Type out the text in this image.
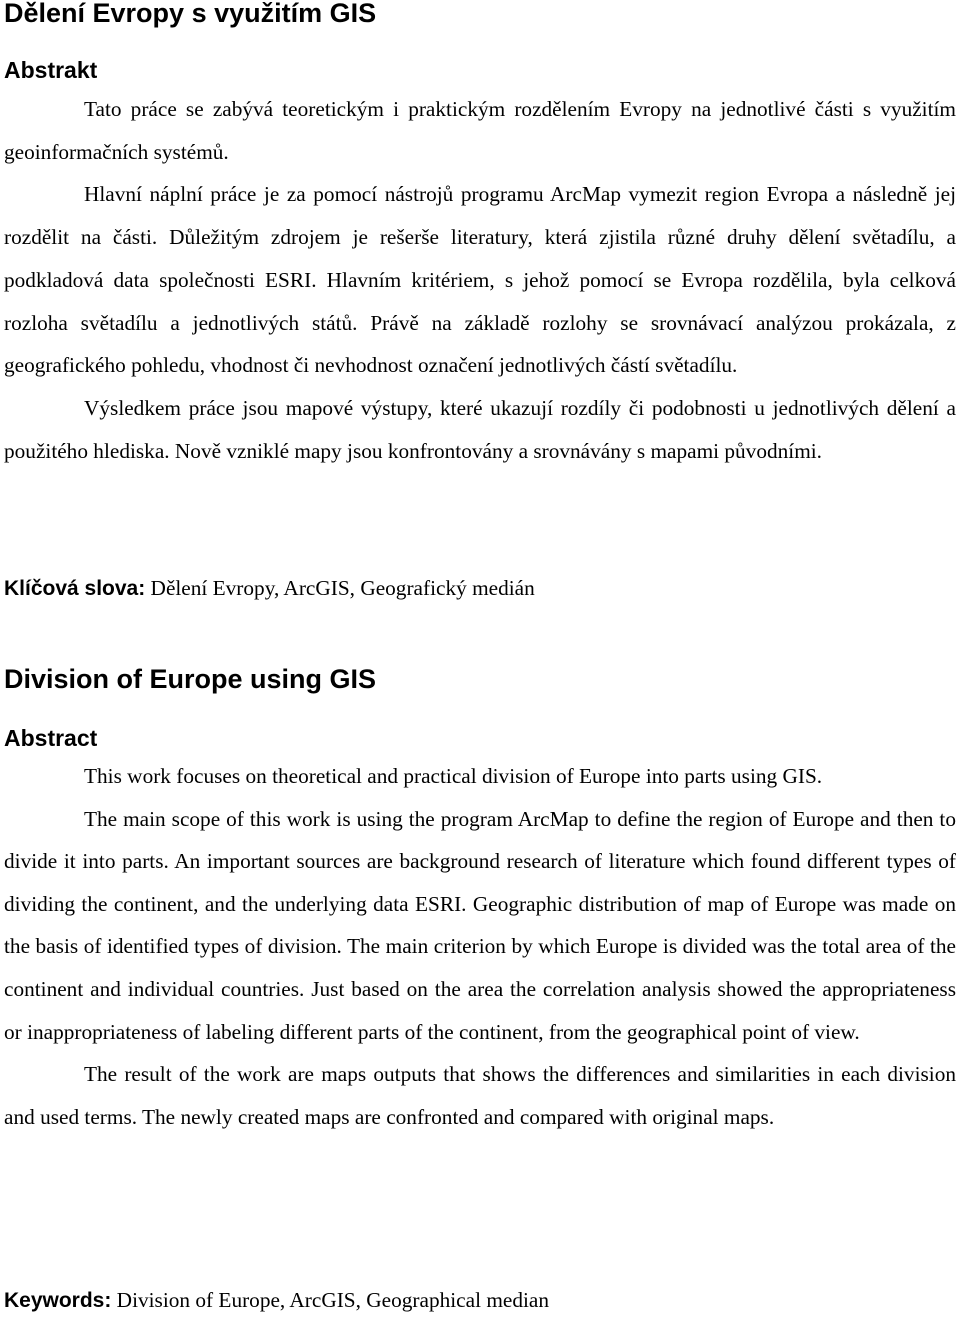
Dělení Evropy s využitím GIS
Abstrakt

Tato práce se zabývá teoretickým i praktickým rozdělením Evropy na jednotlivé části s využitím geoinformačních systémů.

Hlavní náplní práce je za pomocí nástrojů programu ArcMap vymezit region Evropa a následně jej rozdělit na části. Důležitým zdrojem je rešerše literatury, která zjistila různé druhy dělení světadílu, a podkladová data společnosti ESRI. Hlavním kritériem, s jehož pomocí se Evropa rozdělila, byla celková rozloha světadílu a jednotlivých států. Právě na základě rozlohy se srovnávací analýzou prokázala, z geografického pohledu, vhodnost či nevhodnost označení jednotlivých částí světadílu.

Výsledkem práce jsou mapové výstupy, které ukazují rozdíly či podobnosti u jednotlivých dělení a použitého hlediska. Nově vzniklé mapy jsou konfrontovány a srovnávány s mapami původními.

Klíčová slova: Dělení Evropy, ArcGIS, Geografický medián
Division of Europe using GIS
Abstract

This work focuses on theoretical and practical division of Europe into parts using GIS.

The main scope of this work is using the program ArcMap to define the region of Europe and then to divide it into parts. An important sources are background research of literature which found different types of dividing the continent, and the underlying data ESRI. Geographic distribution of map of Europe was made on the basis of identified types of division. The main criterion by which Europe is divided was the total area of the continent and individual countries. Just based on the area the correlation analysis showed the appropriateness or inappropriateness of labeling different parts of the continent, from the geographical point of view.

The result of the work are maps outputs that shows the differences and similarities in each division and used terms. The newly created maps are confronted and compared with original maps.

Keywords: Division of Europe, ArcGIS, Geographical median
